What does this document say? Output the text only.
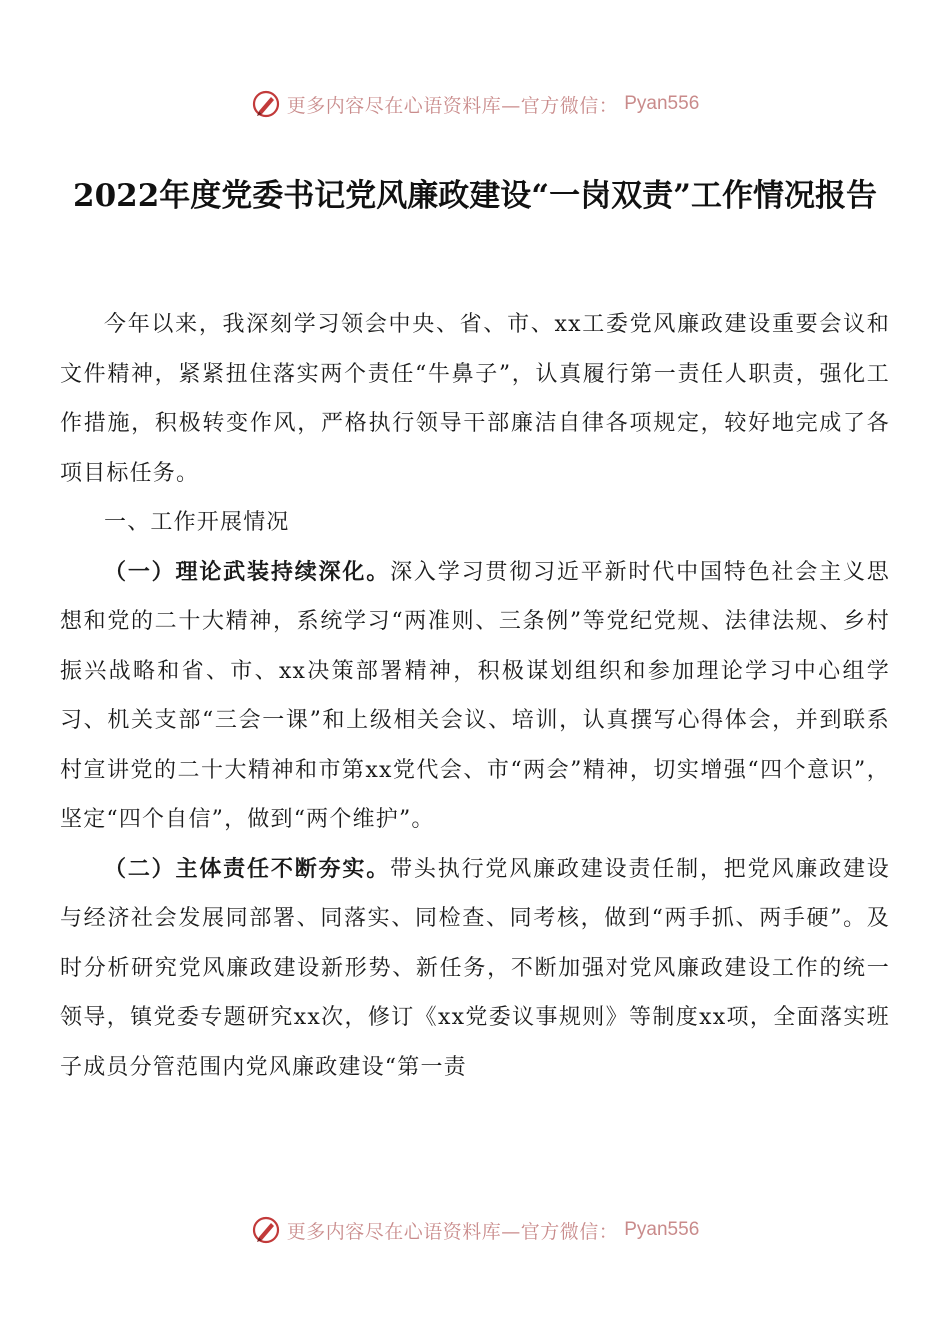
更多内容尽在心语资料库—官方微信： Pyan556
2022年度党委书记党风廉政建设“一岗双责”工作情况报告

今年以来，我深刻学习领会中央、省、市、xx工委党风廉政建设重要会议和文件精神，紧紧扭住落实两个责任“牛鼻子”，认真履行第一责任人职责，强化工作措施，积极转变作风，严格执行领导干部廉洁自律各项规定，较好地完成了各项目标任务。

一、工作开展情况

（一）理论武装持续深化。深入学习贯彻习近平新时代中国特色社会主义思想和党的二十大精神，系统学习“两准则、三条例”等党纪党规、法律法规、乡村振兴战略和省、市、xx决策部署精神，积极谋划组织和参加理论学习中心组学习、机关支部“三会一课”和上级相关会议、培训，认真撰写心得体会，并到联系村宣讲党的二十大精神和市第xx党代会、市“两会”精神，切实增强“四个意识”，坚定“四个自信”，做到“两个维护”。

（二）主体责任不断夯实。带头执行党风廉政建设责任制，把党风廉政建设与经济社会发展同部署、同落实、同检查、同考核，做到“两手抓、两手硬”。及时分析研究党风廉政建设新形势、新任务，不断加强对党风廉政建设工作的统一领导，镇党委专题研究xx次，修订《xx党委议事规则》等制度xx项，全面落实班子成员分管范围内党风廉政建设“第一责

更多内容尽在心语资料库—官方微信： Pyan556
